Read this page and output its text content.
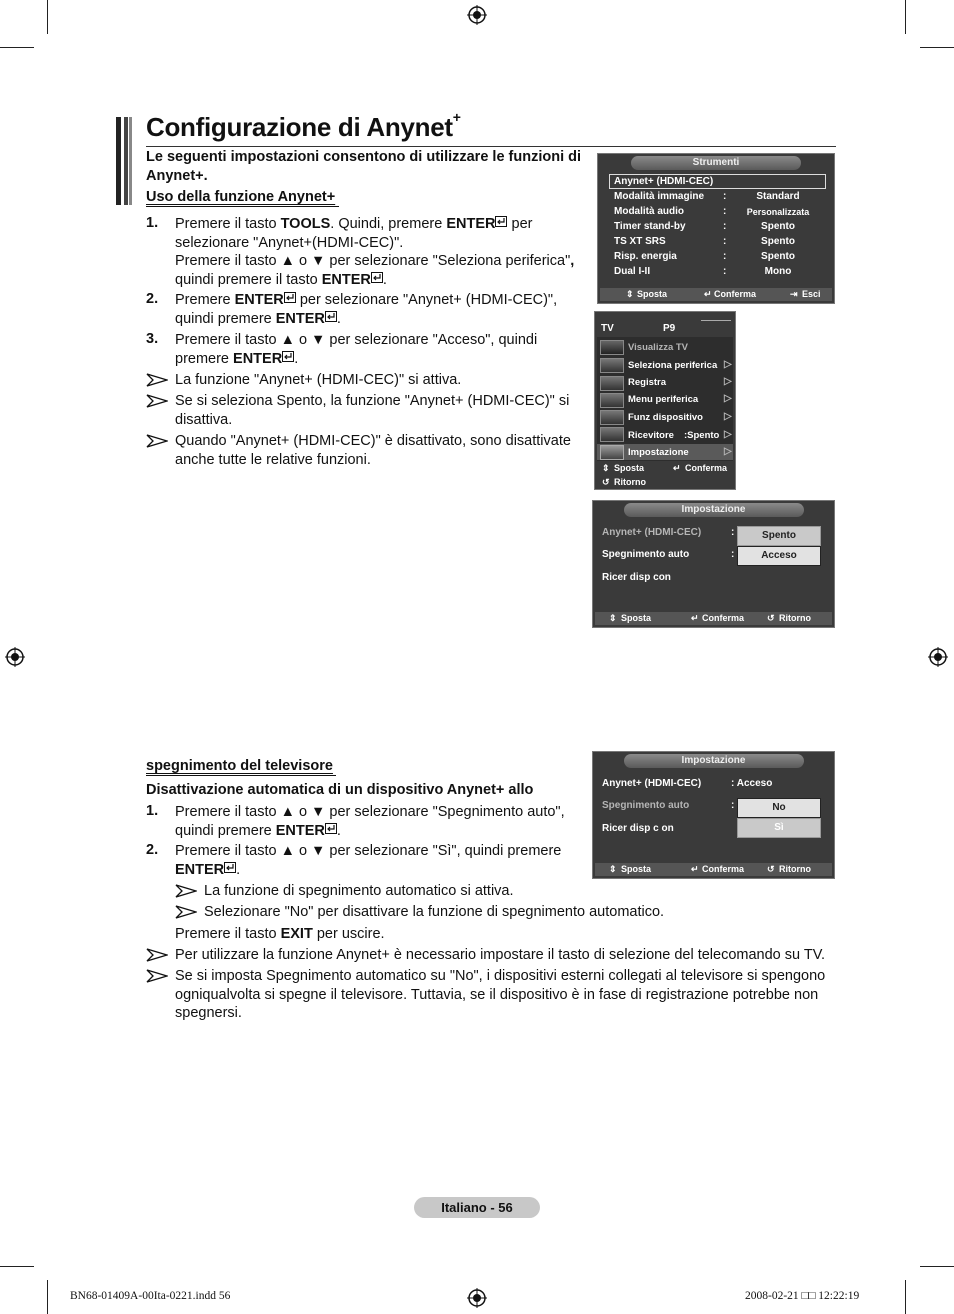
Configurazione di Anynet+
Le seguenti impostazioni consentono di utilizzare le funzioni di Anynet+.
Uso della funzione Anynet+
1. Premere il tasto TOOLS. Quindi, premere ENTER per
selezionare "Anynet+(HDMI-CEC)".
Premere il tasto ▲ o ▼ per selezionare "Seleziona periferica",
quindi premere il tasto ENTER .
2. Premere ENTER per selezionare "Anynet+ (HDMI-CEC)",
quindi premere ENTER .
3. Premere il tasto ▲ o ▼ per selezionare "Acceso", quindi
premere ENTER .
La funzione "Anynet+ (HDMI-CEC)" si attiva.
Se si seleziona Spento, la funzione "Anynet+ (HDMI-CEC)" si
disattiva.
Quando "Anynet+ (HDMI-CEC)" è disattivato, sono disattivate
anche tutte le relative funzioni.
Strumenti
Anynet+ (HDMI-CEC)
Modalità immagine :	Standard
Modalità audio	:	Personalizzata
Timer stand-by	:	Spento
TS XT SRS	:	Spento
Risp. energia	:	Spento
Dual I-II	:	Mono
⇕ Sposta	↵ Conferma	⇥ Esci
TV	P9
Visualizza TV
Seleziona periferica ▷
Registra	▷
Menu periferica	▷
Funz dispositivo ▷
Ricevitore :Spento ▷
Impostazione	▷
⇕ Sposta	↵ Conferma
↺ Ritorno
Impostazione
Anynet+ (HDMI-CEC)	:
Spegnimento auto	:
Ricer disp con
Spento
Acceso
⇕ Sposta	↵ Conferma	↺ Ritorno
spegnimento del televisore
Disattivazione automatica di un dispositivo Anynet+ allo
1. Premere il tasto ▲ o ▼ per selezionare "Spegnimento auto",
quindi premere ENTER .
2. Premere il tasto ▲ o ▼ per selezionare "Sì", quindi premere
ENTER .
La funzione di spegnimento automatico si attiva.
Selezionare "No" per disattivare la funzione di spegnimento automatico.
Premere il tasto EXIT per uscire.
Per utilizzare la funzione Anynet+ è necessario impostare il tasto di selezione del telecomando su TV.
Se si imposta Spegnimento automatico su "No", i dispositivi esterni collegati al televisore si spengono
ogniqualvolta si spegne il televisore. Tuttavia, se il dispositivo è in fase di registrazione potrebbe non
spegnersi.
Impostazione
Anynet+ (HDMI-CEC)	: Acceso
Spegnimento auto	:
Ricer disp c on
No
Sì
⇕ Sposta	↵ Conferma	↺ Ritorno
Italiano - 56
BN68-01409A-00Ita-0221.indd 56	2008-02-21 □□ 12:22:19
